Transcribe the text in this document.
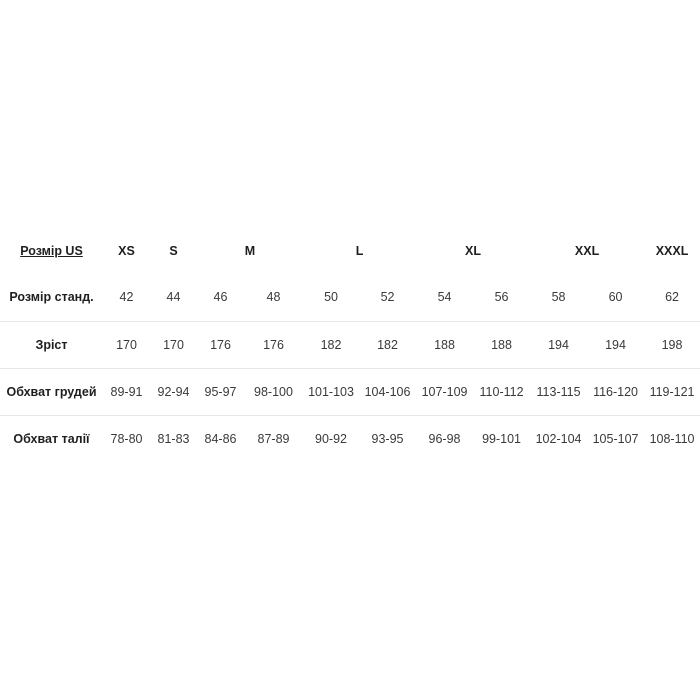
Розмір US	XS	S	M		L		XL		XXL		XXXL
Розмір станд.	42	44	46	48	50	52	54	56	58	60	62
Зріст	170	170	176	176	182	182	188	188	194	194	198
Обхват грудей	89-91	92-94	95-97	98-100	101-103	104-106	107-109	110-112	113-115	116-120	119-121
Обхват талії	78-80	81-83	84-86	87-89	90-92	93-95	96-98	99-101	102-104	105-107	108-110
